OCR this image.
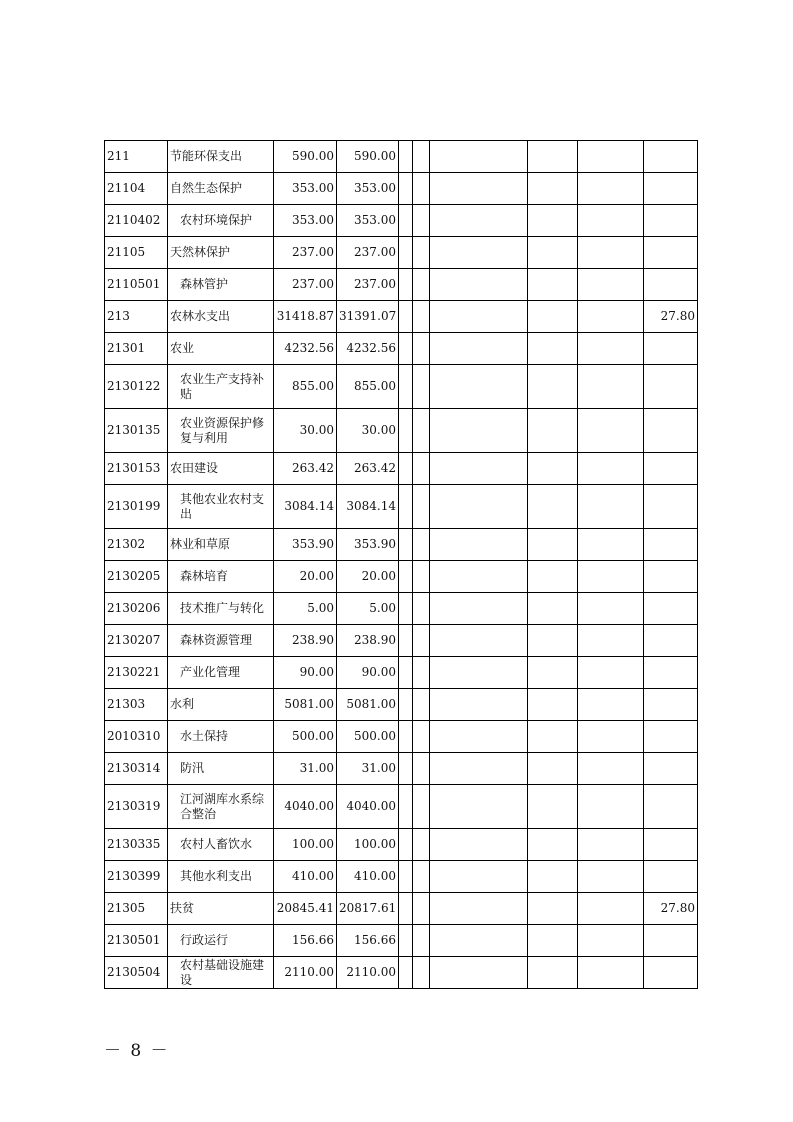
211	节能环保支出	590.00	590.00						
21104	自然生态保护	353.00	353.00						
2110402	农村环境保护	353.00	353.00						
21105	天然林保护	237.00	237.00						
2110501	森林管护	237.00	237.00						
213	农林水支出	31418.87	31391.07						27.80
21301	农业	4232.56	4232.56						
2130122	农业生产支持补贴	855.00	855.00						
2130135	农业资源保护修复与利用	30.00	30.00						
2130153	农田建设	263.42	263.42						
2130199	其他农业农村支出	3084.14	3084.14						
21302	林业和草原	353.90	353.90						
2130205	森林培育	20.00	20.00						
2130206	技术推广与转化	5.00	5.00						
2130207	森林资源管理	238.90	238.90						
2130221	产业化管理	90.00	90.00						
21303	水利	5081.00	5081.00						
2010310	水土保持	500.00	500.00						
2130314	防汛	31.00	31.00						
2130319	江河湖库水系综合整治	4040.00	4040.00						
2130335	农村人畜饮水	100.00	100.00						
2130399	其他水利支出	410.00	410.00						
21305	扶贫	20845.41	20817.61						27.80
2130501	行政运行	156.66	156.66						
2130504	农村基础设施建设	2110.00	2110.00						
－ 8 －
